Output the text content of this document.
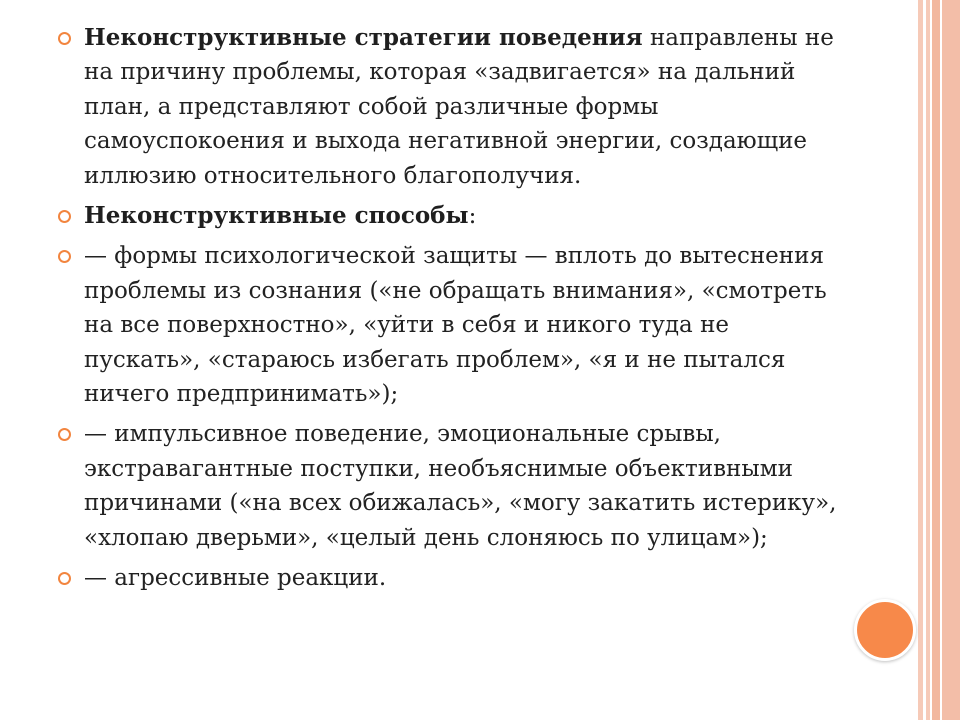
Неконструктивные стратегии поведения направлены не на причину проблемы, которая «задвигается» на дальний план, а представляют собой различные формы самоуспокоения и выхода негативной энергии, создающие иллюзию относительного благополучия.
Неконструктивные способы:
— формы психологической защиты — вплоть до вытеснения проблемы из сознания («не обращать внимания», «смотреть на все поверхностно», «уйти в себя и никого туда не пускать», «стараюсь избегать проблем», «я и не пытался ничего предпринимать»);
— импульсивное поведение, эмоциональные срывы, экстравагантные поступки, необъяснимые объективными причинами («на всех обижалась», «могу закатить истерику», «хлопаю дверьми», «целый день слоняюсь по улицам»);
— агрессивные реакции.
